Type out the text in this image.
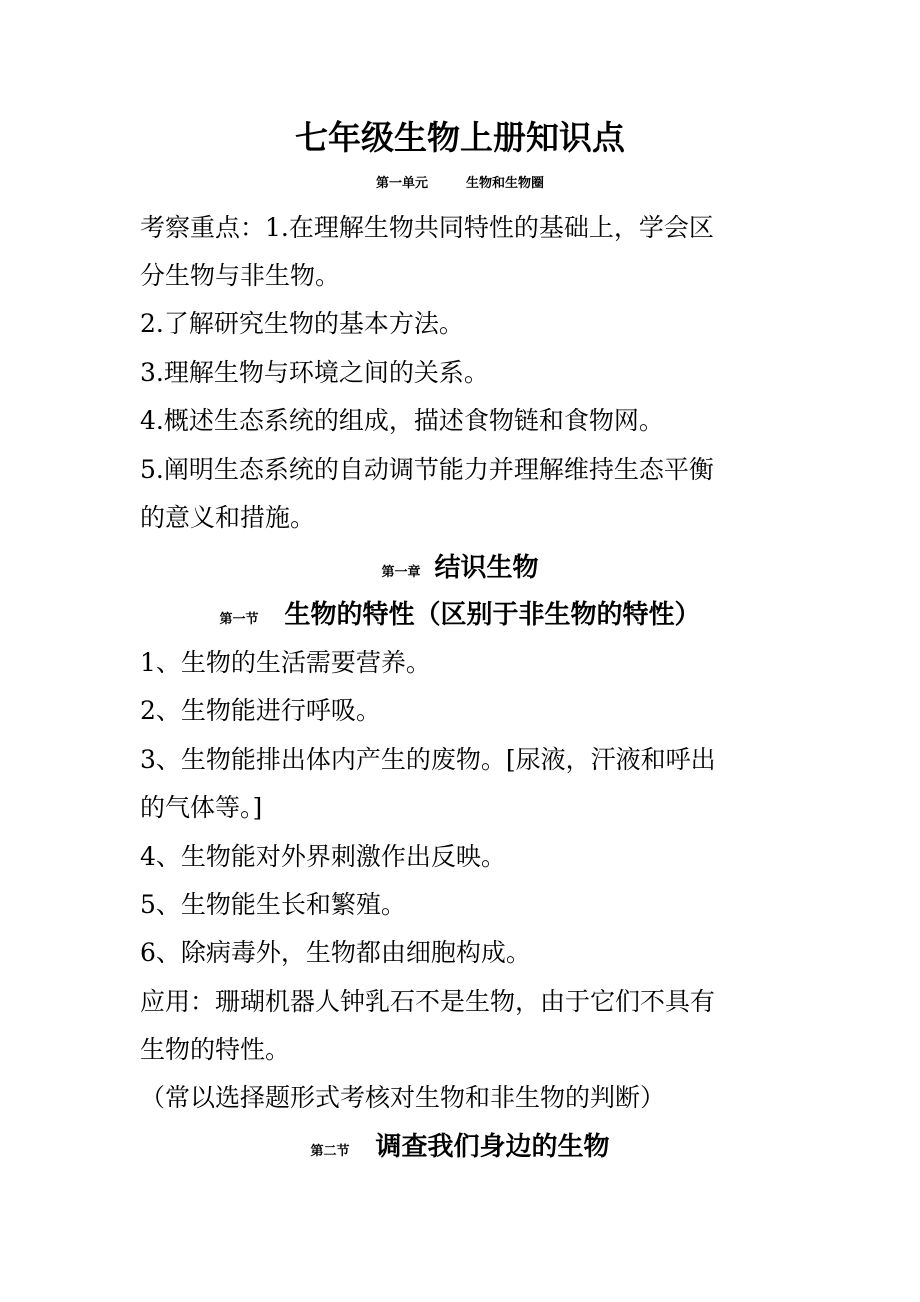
七年级生物上册知识点
第一单元	生物和生物圈
考察重点：1.在理解生物共同特性的基础上，学会区
分生物与非生物。
2.了解研究生物的基本方法。
3.理解生物与环境之间的关系。
4.概述生态系统的组成，描述食物链和食物网。
5.阐明生态系统的自动调节能力并理解维持生态平衡
的意义和措施。
第一章 结识生物
第一节 生物的特性（区别于非生物的特性）
1、生物的生活需要营养。
2、生物能进行呼吸。
3、生物能排出体内产生的废物。[尿液，汗液和呼出
的气体等。]
4、生物能对外界刺激作出反映。
5、生物能生长和繁殖。
6、除病毒外，生物都由细胞构成。
应用：珊瑚机器人钟乳石不是生物，由于它们不具有
生物的特性。
（常以选择题形式考核对生物和非生物的判断）
第二节 调查我们身边的生物
